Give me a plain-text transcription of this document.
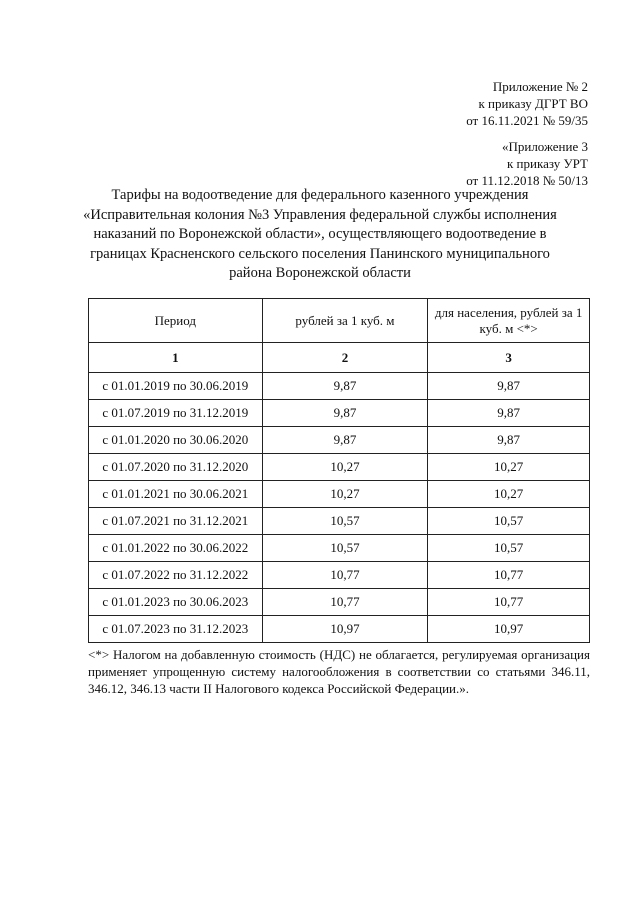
Приложение № 2
к приказу ДГРТ ВО
от 16.11.2021 № 59/35
«Приложение 3
к приказу УРТ
от 11.12.2018 № 50/13
Тарифы на водоотведение для федерального казенного учреждения
«Исправительная колония №3 Управления федеральной службы исполнения
наказаний по Воронежской области», осуществляющего водоотведение в
границах Красненского сельского поселения Панинского муниципального
района Воронежской области
Период	рублей за 1 куб. м	для населения, рублей за 1 куб. м <*>
1	2	3
с 01.01.2019 по 30.06.2019	9,87	9,87
с 01.07.2019 по 31.12.2019	9,87	9,87
с 01.01.2020 по 30.06.2020	9,87	9,87
с 01.07.2020 по 31.12.2020	10,27	10,27
с 01.01.2021 по 30.06.2021	10,27	10,27
с 01.07.2021 по 31.12.2021	10,57	10,57
с 01.01.2022 по 30.06.2022	10,57	10,57
с 01.07.2022 по 31.12.2022	10,77	10,77
с 01.01.2023 по 30.06.2023	10,77	10,77
с 01.07.2023 по 31.12.2023	10,97	10,97
<*> Налогом на добавленную стоимость (НДС) не облагается, регулируемая организация применяет упрощенную систему налогообложения в соответствии со статьями 346.11, 346.12, 346.13 части II Налогового кодекса Российской Федерации.».
